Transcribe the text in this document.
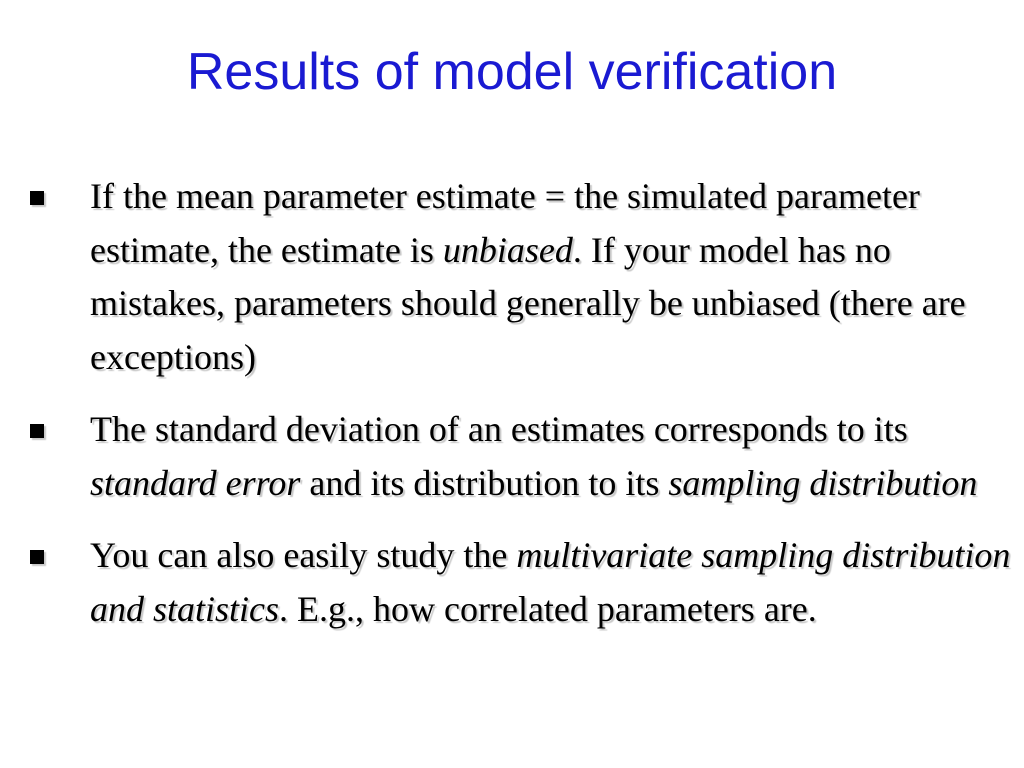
Results of model verification
If the mean parameter estimate = the simulated parameter estimate, the estimate is unbiased. If your model has no mistakes, parameters should generally be unbiased (there are exceptions)
The standard deviation of an estimates corresponds to its standard error and its distribution to its sampling distribution
You can also easily study the multivariate sampling distribution and statistics. E.g., how correlated parameters are.
